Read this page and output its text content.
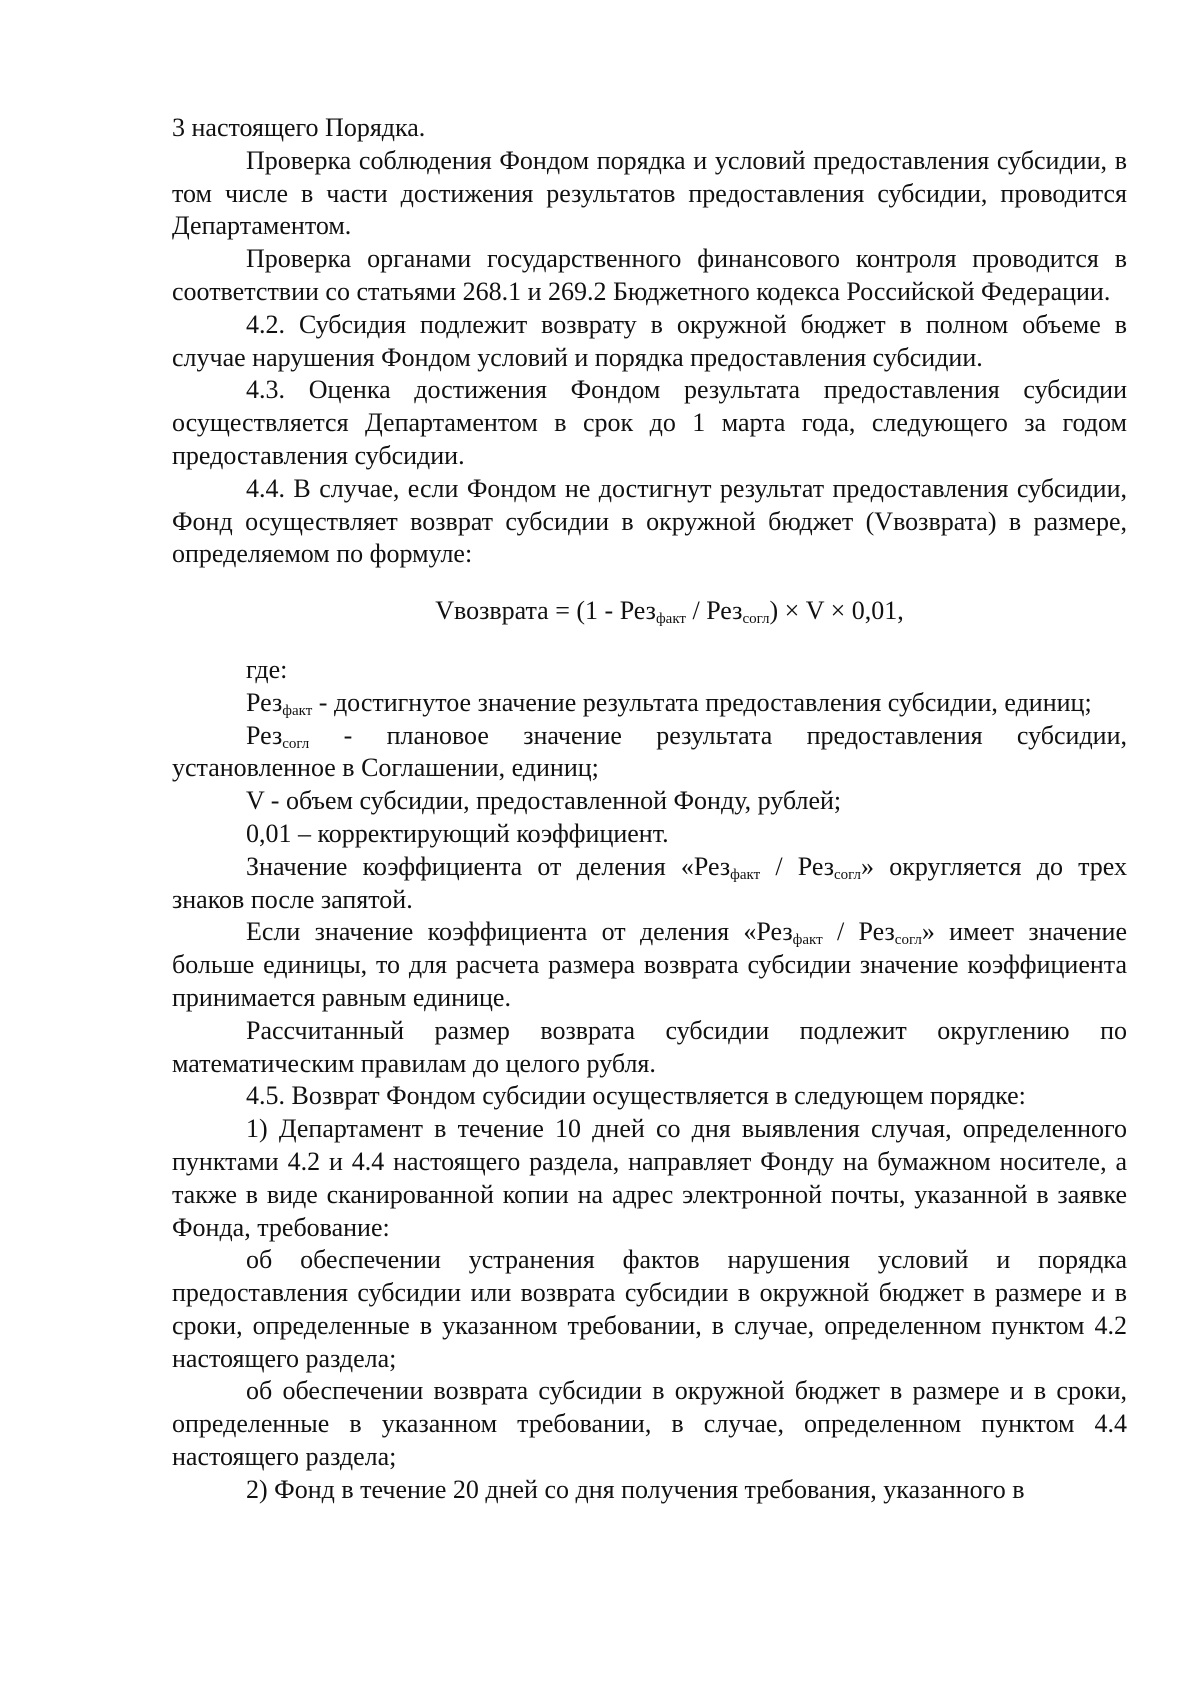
3 настоящего Порядка.

Проверка соблюдения Фондом порядка и условий предоставления субсидии, в том числе в части достижения результатов предоставления субсидии, проводится Департаментом.

Проверка органами государственного финансового контроля проводится в соответствии со статьями 268.1 и 269.2 Бюджетного кодекса Российской Федерации.

4.2. Субсидия подлежит возврату в окружной бюджет в полном объеме в случае нарушения Фондом условий и порядка предоставления субсидии.

4.3. Оценка достижения Фондом результата предоставления субсидии осуществляется Департаментом в срок до 1 марта года, следующего за годом предоставления субсидии.

4.4. В случае, если Фондом не достигнут результат предоставления субсидии, Фонд осуществляет возврат субсидии в окружной бюджет (Vвозврата) в размере, определяемом по формуле:

Vвозврата = (1 - Рез$_{факт}$ / Рез$_{согл}$) × V × 0,01,

где:

Рез$_{факт}$ - достигнутое значение результата предоставления субсидии, единиц;

Рез$_{согл}$ - плановое значение результата предоставления субсидии, установленное в Соглашении, единиц;

V - объем субсидии, предоставленной Фонду, рублей;

0,01 – корректирующий коэффициент.

Значение коэффициента от деления «Рез$_{факт}$ / Рез$_{согл}$» округляется до трех знаков после запятой.

Если значение коэффициента от деления «Рез$_{факт}$ / Рез$_{согл}$» имеет значение больше единицы, то для расчета размера возврата субсидии значение коэффициента принимается равным единице.

Рассчитанный размер возврата субсидии подлежит округлению по математическим правилам до целого рубля.

4.5. Возврат Фондом субсидии осуществляется в следующем порядке:

1) Департамент в течение 10 дней со дня выявления случая, определенного пунктами 4.2 и 4.4 настоящего раздела, направляет Фонду на бумажном носителе, а также в виде сканированной копии на адрес электронной почты, указанной в заявке Фонда, требование:

об обеспечении устранения фактов нарушения условий и порядка предоставления субсидии или возврата субсидии в окружной бюджет в размере и в сроки, определенные в указанном требовании, в случае, определенном пунктом 4.2 настоящего раздела;

об обеспечении возврата субсидии в окружной бюджет в размере и в сроки, определенные в указанном требовании, в случае, определенном пунктом 4.4 настоящего раздела;

2) Фонд в течение 20 дней со дня получения требования, указанного в
